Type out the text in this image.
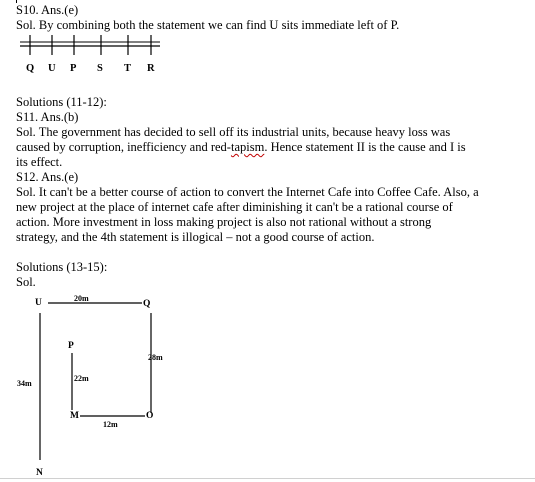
S10. Ans.(e)
Sol. By combining both the statement we can find U sits immediate left of P.
Q U P S T R
Solutions (11-12):
S11. Ans.(b)
Sol. The government has decided to sell off its industrial units, because heavy loss was
caused by corruption, inefficiency and red-tapism. Hence statement II is the cause and I is
its effect.
S12. Ans.(e)
Sol. It can't be a better course of action to convert the Internet Cafe into Coffee Cafe. Also, a
new project at the place of internet cafe after diminishing it can't be a rational course of
action. More investment in loss making project is also not rational without a strong
strategy, and the 4th statement is illogical – not a good course of action.
Solutions (13-15):
Sol.
U	Q
P
M	O
N
20m
28m
22m
34m
12m
